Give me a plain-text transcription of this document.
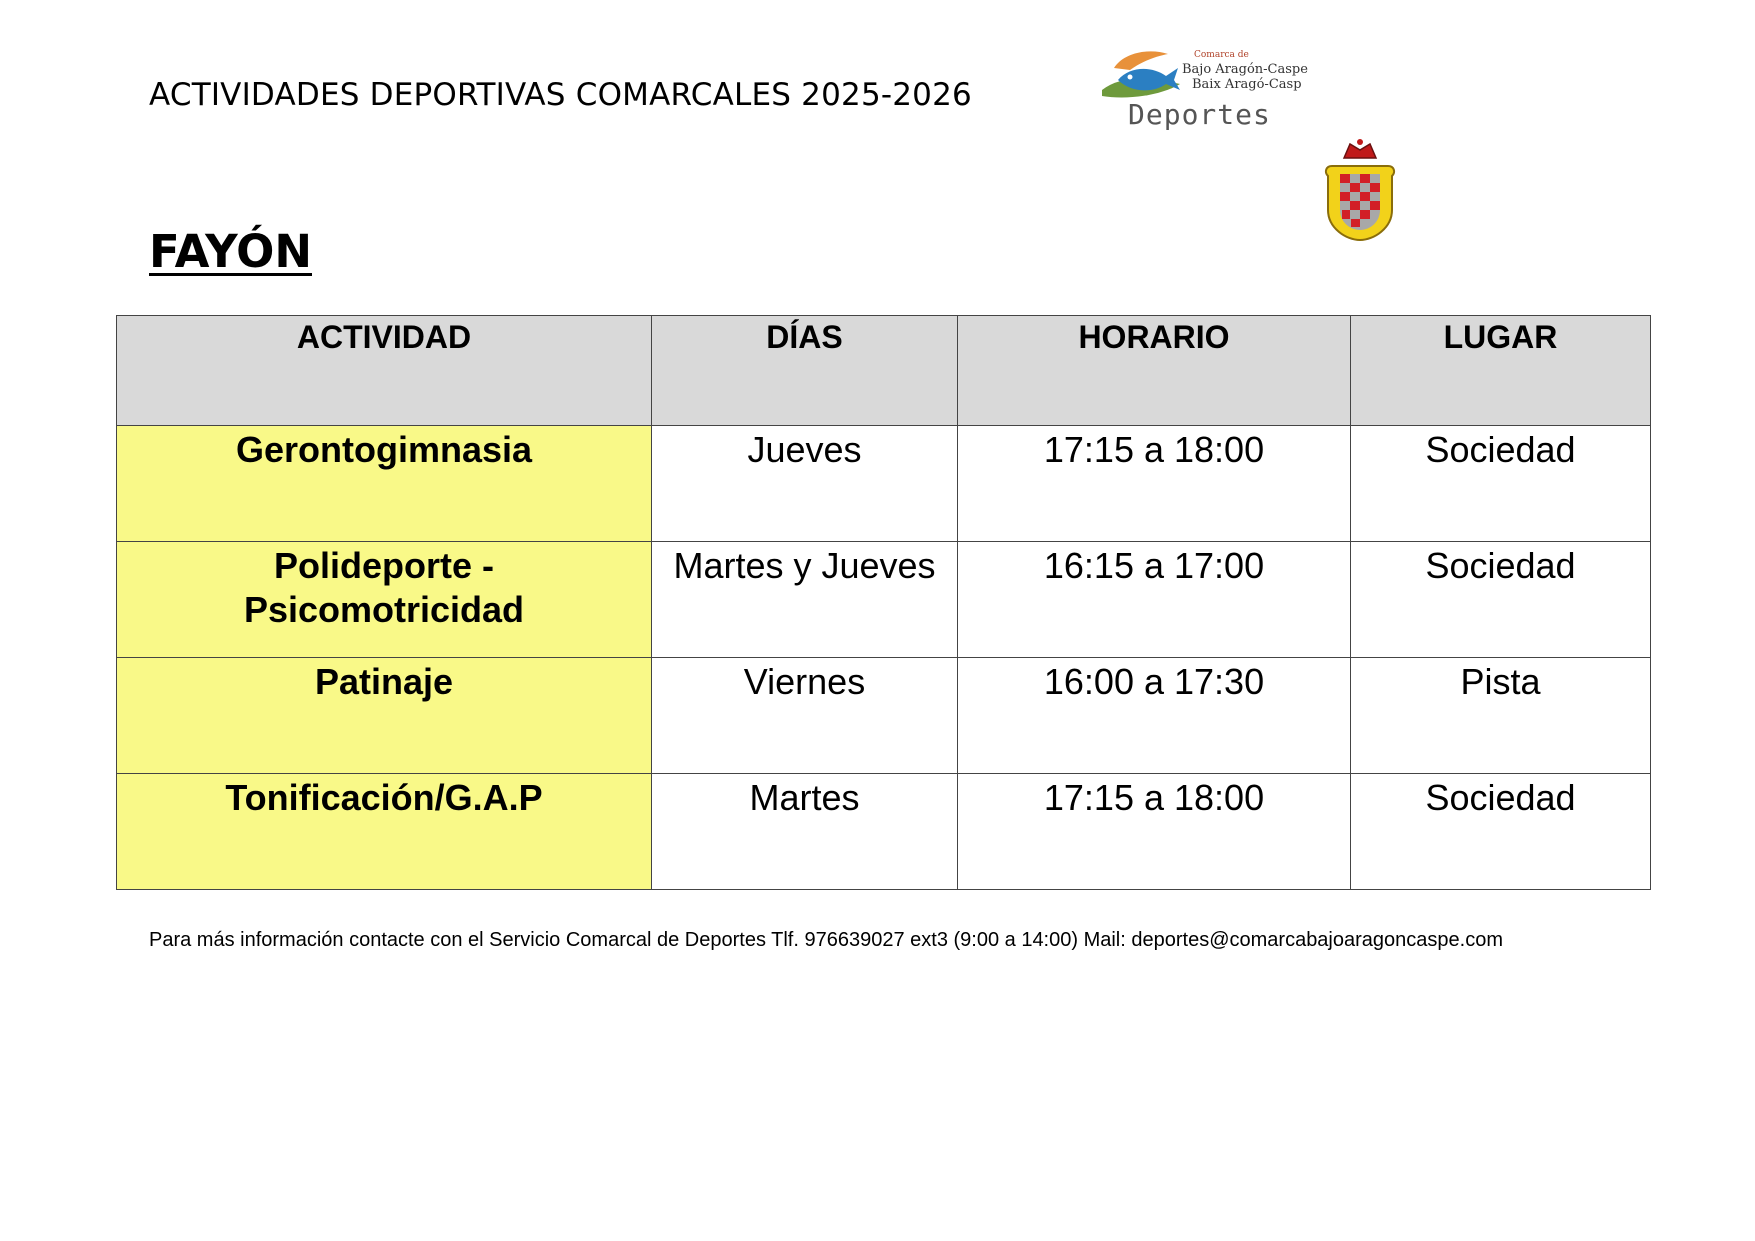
ACTIVIDADES DEPORTIVAS COMARCALES 2025-2026
Comarca de
Bajo Aragón-Caspe
Baix Aragó-Casp
Deportes
FAYÓN
ACTIVIDAD	DÍAS	HORARIO	LUGAR
Gerontogimnasia	Jueves	17:15 a 18:00	Sociedad
Polideporte -
Psicomotricidad	Martes y Jueves	16:15 a 17:00	Sociedad
Patinaje	Viernes	16:00 a 17:30	Pista
Tonificación/G.A.P	Martes	17:15 a 18:00	Sociedad
Para más información contacte con el Servicio Comarcal de Deportes Tlf. 976639027 ext3 (9:00 a 14:00) Mail: deportes@comarcabajoaragoncaspe.com
